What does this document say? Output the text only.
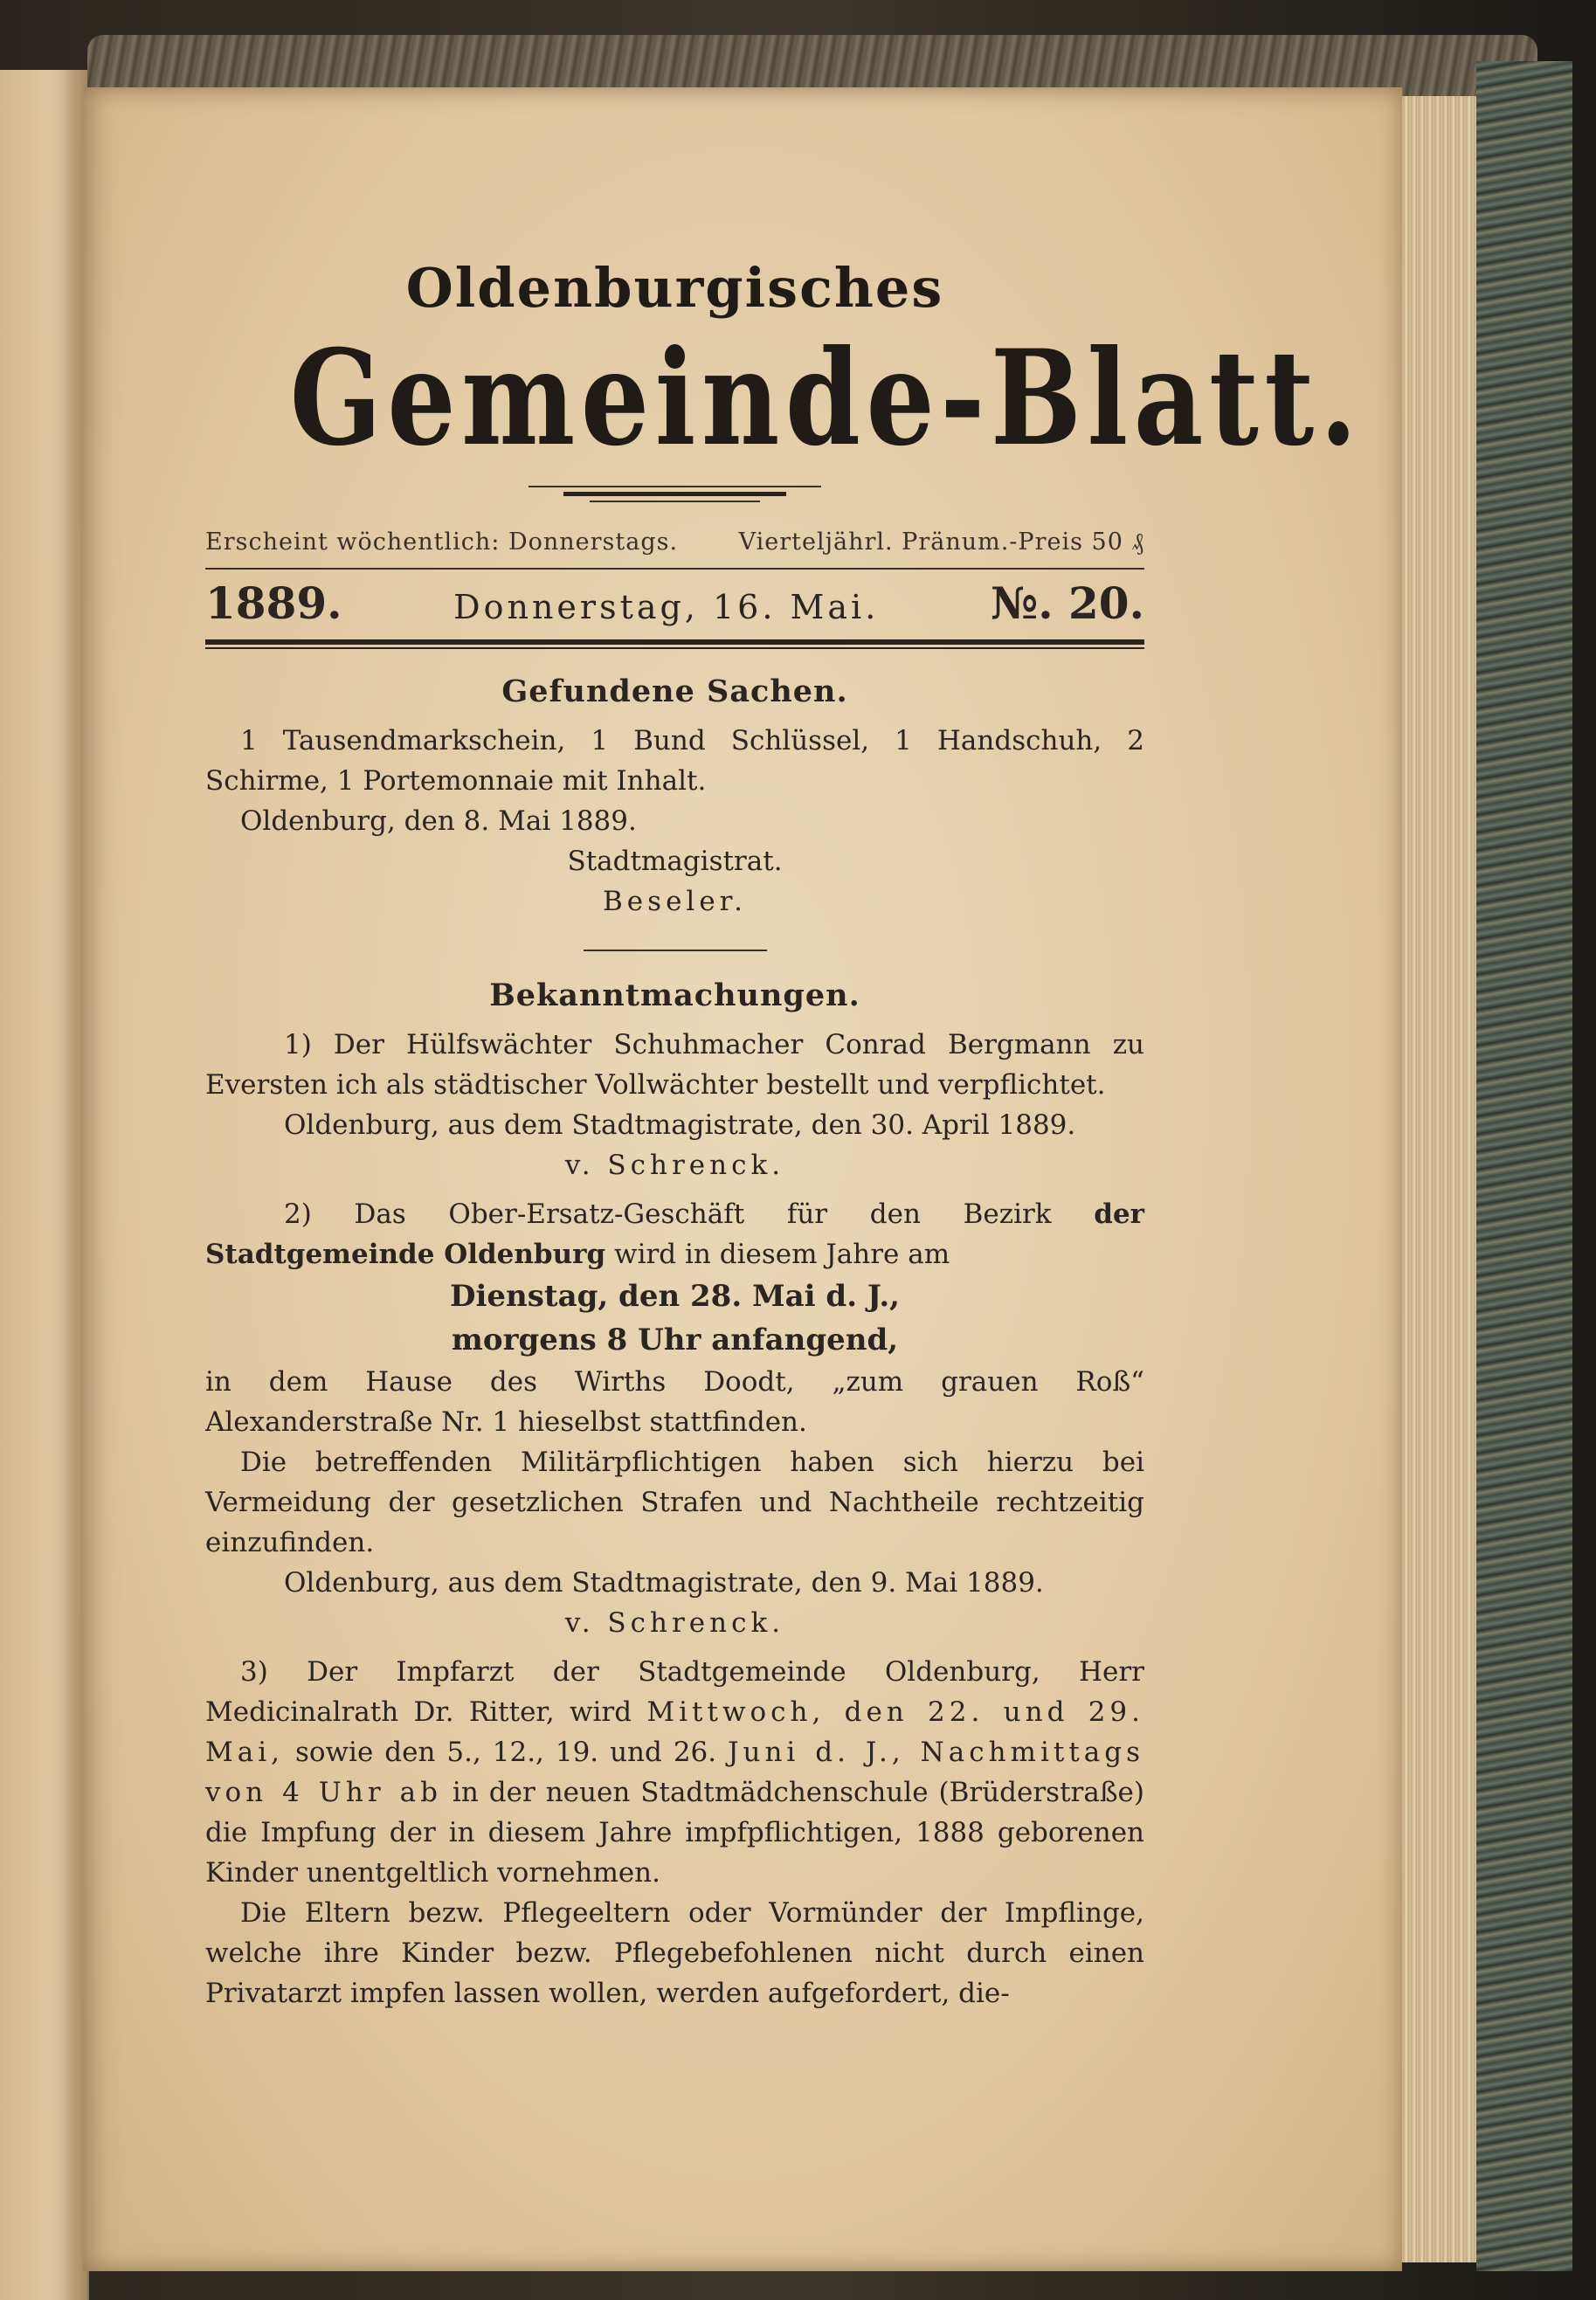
Oldenburgisches
Gemeinde-Blatt.
Erscheint wöchentlich: Donnerstags.	Vierteljährl. Pränum.-Preis 50 ₰
1889.	Donnerstag, 16. Mai.	№. 20.
Gefundene Sachen.

1 Tausendmarkschein, 1 Bund Schlüssel, 1 Handschuh, 2 Schirme, 1 Portemonnaie mit Inhalt.

Oldenburg, den 8. Mai 1889.

Stadtmagistrat.

Beseler.

Bekanntmachungen.

1) Der Hülfswächter Schuhmacher Conrad Bergmann zu Eversten ich als städtischer Vollwächter bestellt und verpflichtet.

Oldenburg, aus dem Stadtmagistrate, den 30. April 1889.

v. Schrenck.

2) Das Ober-Ersatz-Geschäft für den Bezirk der Stadtgemeinde Oldenburg wird in diesem Jahre am

Dienstag, den 28. Mai d. J.,

morgens 8 Uhr anfangend,

in dem Hause des Wirths Doodt, „zum grauen Roß“ Alexanderstraße Nr. 1 hieselbst stattfinden.

Die betreffenden Militärpflichtigen haben sich hierzu bei Vermeidung der gesetzlichen Strafen und Nachtheile rechtzeitig einzufinden.

Oldenburg, aus dem Stadtmagistrate, den 9. Mai 1889.

v. Schrenck.

3) Der Impfarzt der Stadtgemeinde Oldenburg, Herr Medicinalrath Dr. Ritter, wird Mittwoch, den 22. und 29. Mai, sowie den 5., 12., 19. und 26. Juni d. J., Nachmittags von 4 Uhr ab in der neuen Stadtmädchenschule (Brüderstraße) die Impfung der in diesem Jahre impfpflichtigen, 1888 geborenen Kinder unentgeltlich vornehmen.

Die Eltern bezw. Pflegeeltern oder Vormünder der Impflinge, welche ihre Kinder bezw. Pflegebefohlenen nicht durch einen Privatarzt impfen lassen wollen, werden aufgefordert, die-
